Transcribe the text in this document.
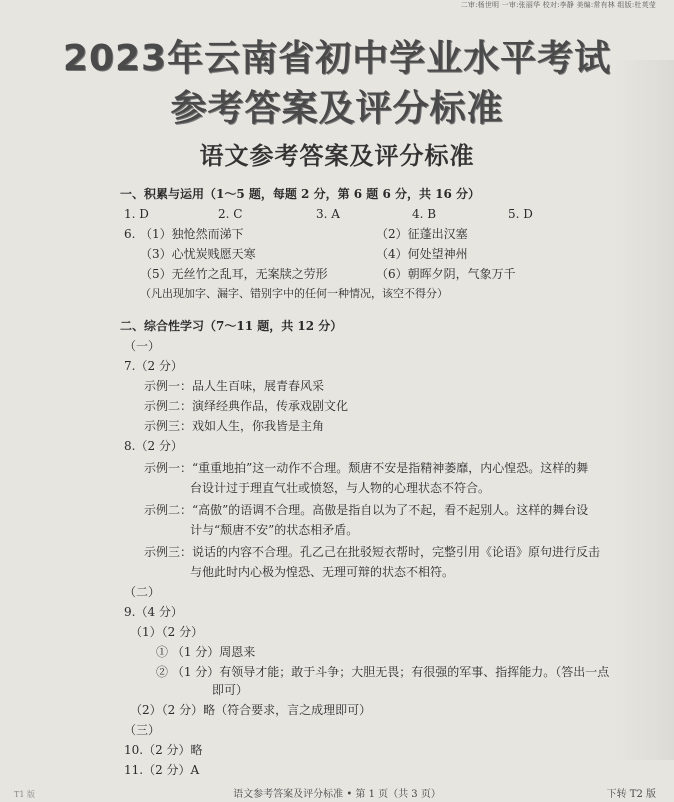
二审:杨世明 一审:张丽华 校对:李静 美编:常有林 组版:杜英莹
2023年云南省初中学业水平考试
参考答案及评分标准
语文参考答案及评分标准
一、积累与运用（1～5 题，每题 2 分，第 6 题 6 分，共 16 分）
1. D	2. C	3. A	4. B	5. D
6. （1）独怆然而涕下	（2）征蓬出汉塞
（3）心忧炭贱愿天寒	（4）何处望神州
（5）无丝竹之乱耳，无案牍之劳形	（6）朝晖夕阴，气象万千
（凡出现加字、漏字、错别字中的任何一种情况，该空不得分）
二、综合性学习（7～11 题，共 12 分）
（一）
7.（2 分）
示例一：品人生百味，展青春风采
示例二：演绎经典作品，传承戏剧文化
示例三：戏如人生，你我皆是主角
8.（2 分）
示例一：“重重地拍”这一动作不合理。颓唐不安是指精神萎靡，内心惶恐。这样的舞
台设计过于理直气壮或愤怒，与人物的心理状态不符合。
示例二：“高傲”的语调不合理。高傲是指自以为了不起，看不起别人。这样的舞台设
计与“颓唐不安”的状态相矛盾。
示例三：说话的内容不合理。孔乙己在批驳短衣帮时，完整引用《论语》原句进行反击
与他此时内心极为惶恐、无理可辩的状态不相符。
（二）
9.（4 分）
（1）（2 分）
① （1 分）周恩来
② （1 分）有领导才能；敢于斗争；大胆无畏；有很强的军事、指挥能力。（答出一点
即可）
（2）（2 分）略（符合要求，言之成理即可）
（三）
10.（2 分）略
11.（2 分）A
T1 版	语文参考答案及评分标准 • 第 1 页（共 3 页）	下转 T2 版
